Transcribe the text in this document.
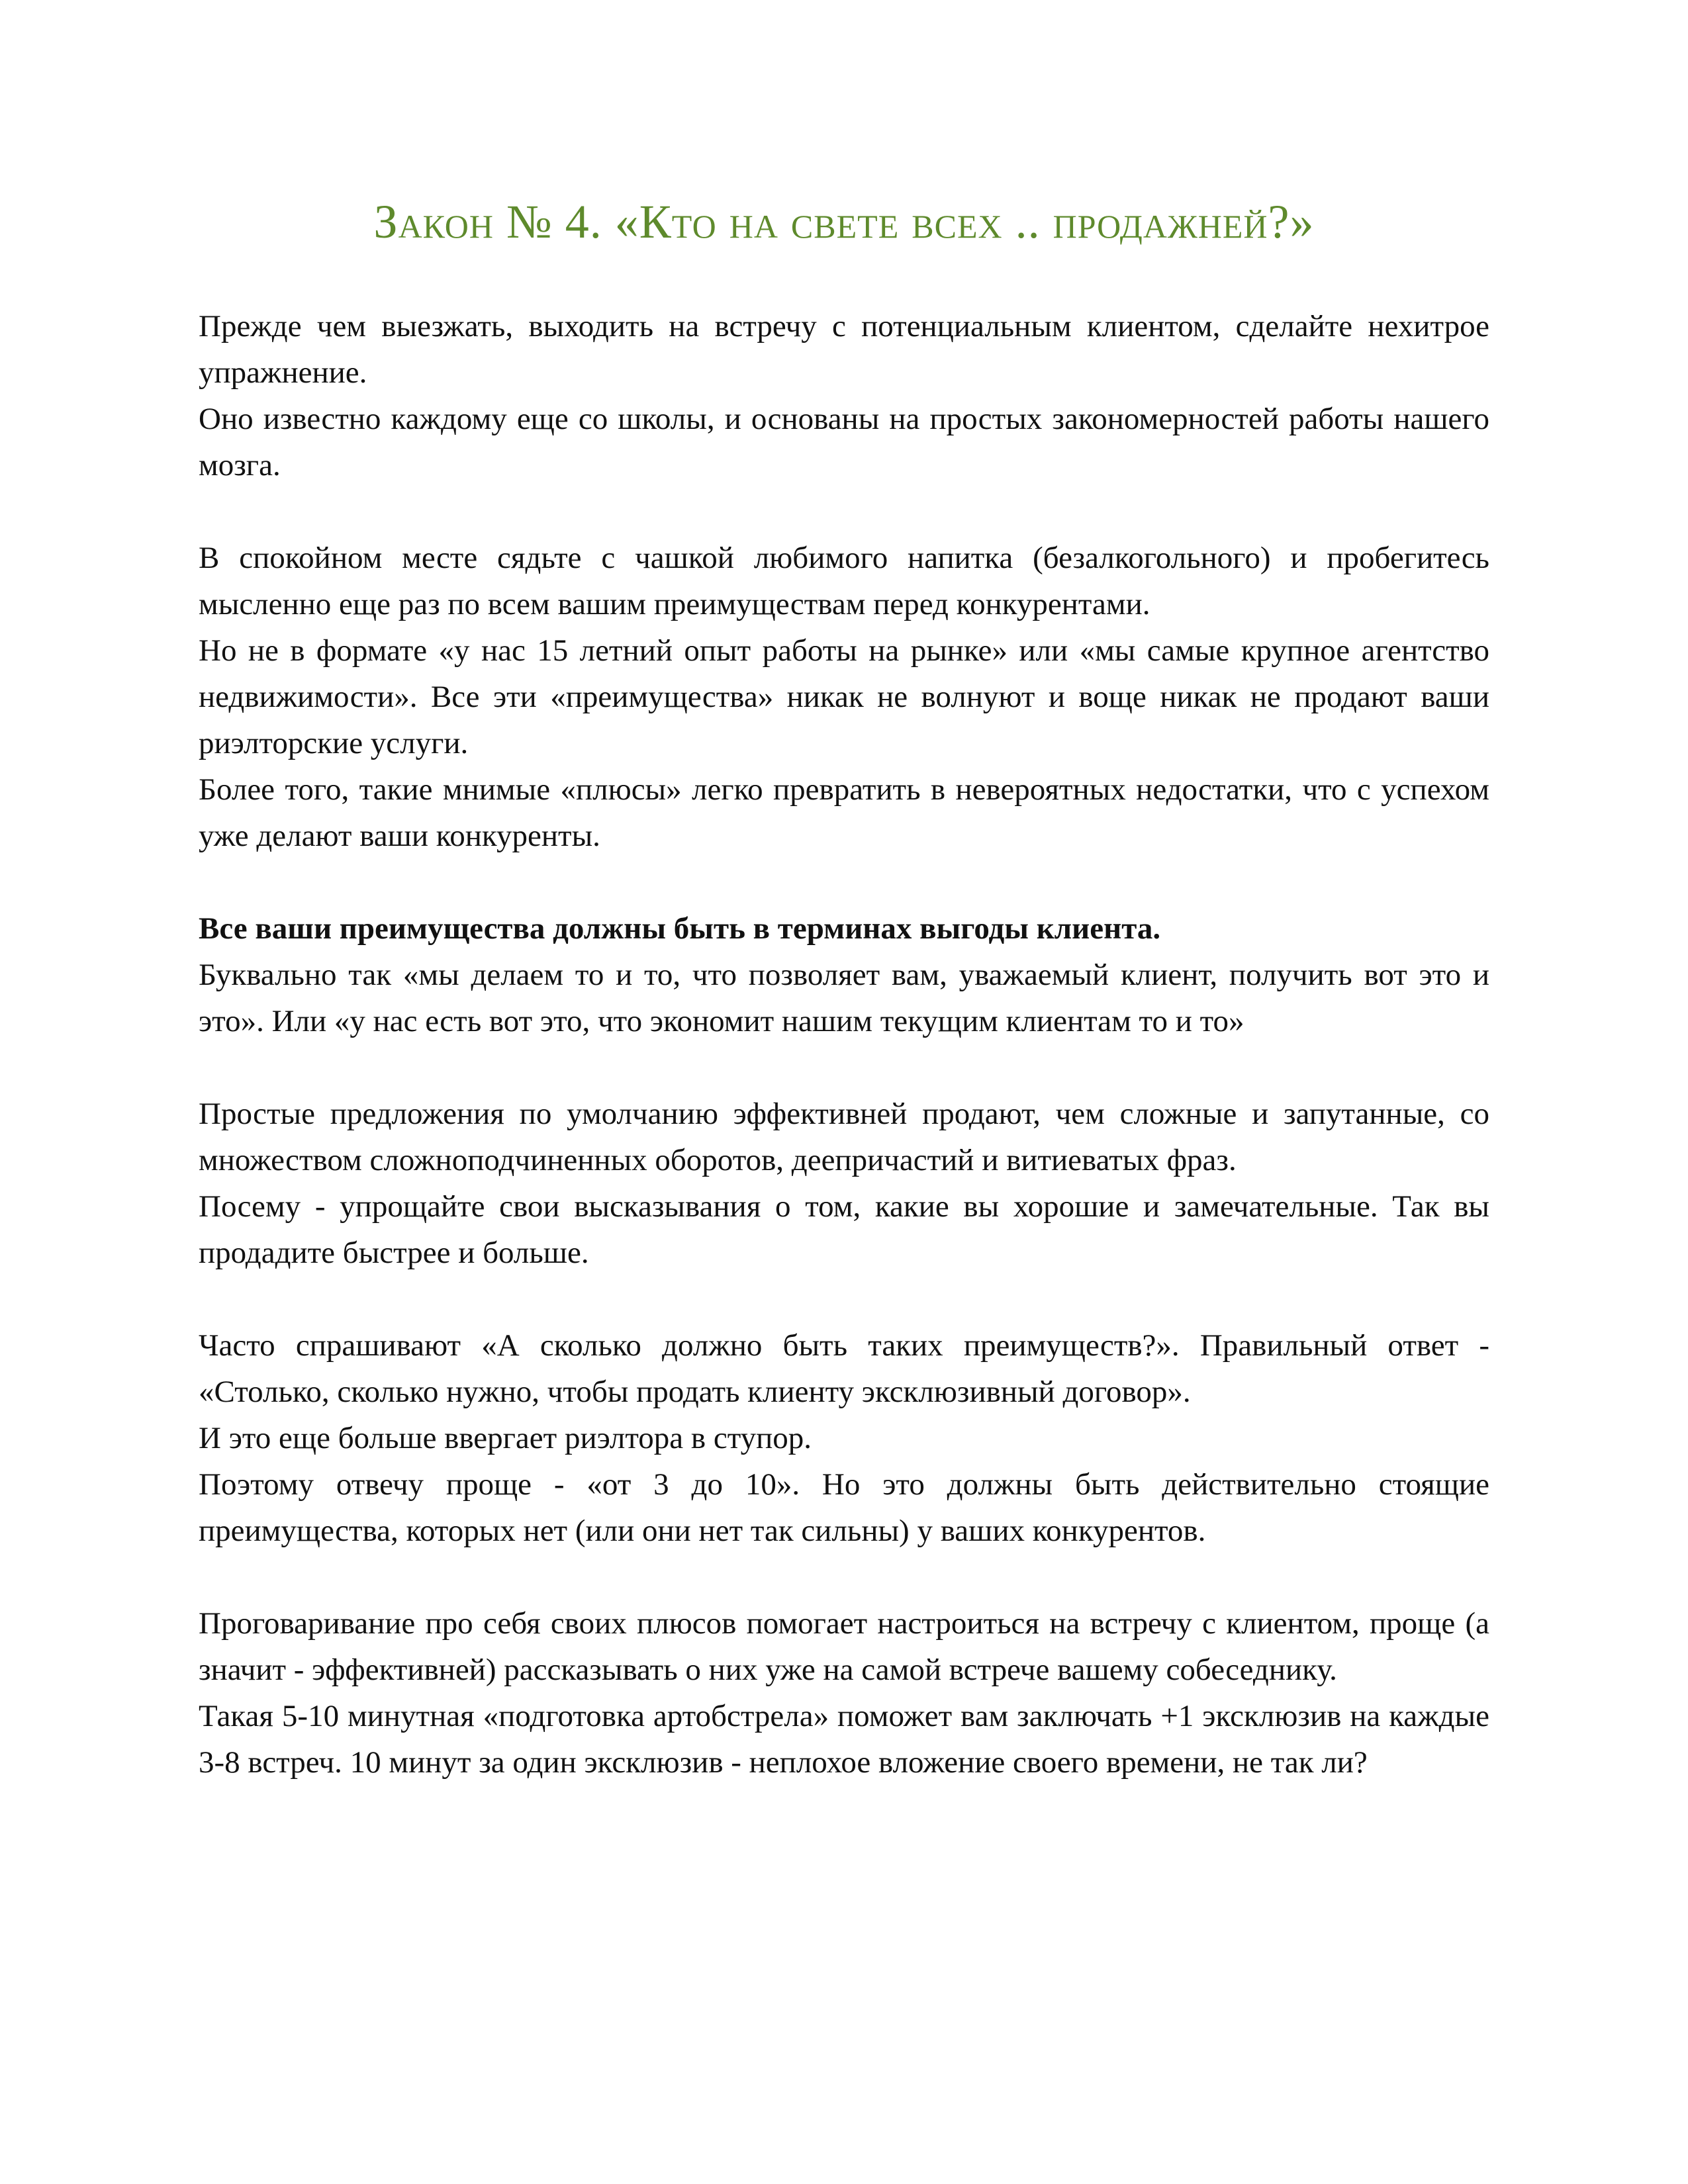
Закон № 4. «Кто на свете всех .. продажней?»

Прежде чем выезжать, выходить на встречу с потенциальным клиентом, сделайте нехитрое упражнение.

Оно известно каждому еще со школы, и основаны на простых закономерностей работы нашего мозга.

В спокойном месте сядьте с чашкой любимого напитка (безалкогольного) и пробегитесь мысленно еще раз по всем вашим преимуществам перед конкурентами.

Но не в формате «у нас 15 летний опыт работы на рынке» или «мы самые крупное агентство недвижимости». Все эти «преимущества» никак не волнуют и воще никак не продают ваши риэлторские услуги.

Более того, такие мнимые «плюсы» легко превратить в невероятных недостатки, что с успехом уже делают ваши конкуренты.

Все ваши преимущества должны быть в терминах выгоды клиента.

Буквально так «мы делаем то и то, что позволяет вам, уважаемый клиент, получить вот это и это». Или «у нас есть вот это, что экономит нашим текущим клиентам то и то»

Простые предложения по умолчанию эффективней продают, чем сложные и запутанные, со множеством сложноподчиненных оборотов, деепричастий и витиеватых фраз.

Посему - упрощайте свои высказывания о том, какие вы хорошие и замечательные. Так вы продадите быстрее и больше.

Часто спрашивают «А сколько должно быть таких преимуществ?». Правильный ответ - «Столько, сколько нужно, чтобы продать клиенту эксклюзивный договор».

И это еще больше ввергает риэлтора в ступор.

Поэтому отвечу проще - «от 3 до 10». Но это должны быть действительно стоящие преимущества, которых нет (или они нет так сильны) у ваших конкурентов.

Проговаривание про себя своих плюсов помогает настроиться на встречу с клиентом, проще (а значит - эффективней) рассказывать о них уже на самой встрече вашему собеседнику.

Такая 5-10 минутная «подготовка артобстрела» поможет вам заключать +1 эксклюзив на каждые 3-8 встреч. 10 минут за один эксклюзив - неплохое вложение своего времени, не так ли?
